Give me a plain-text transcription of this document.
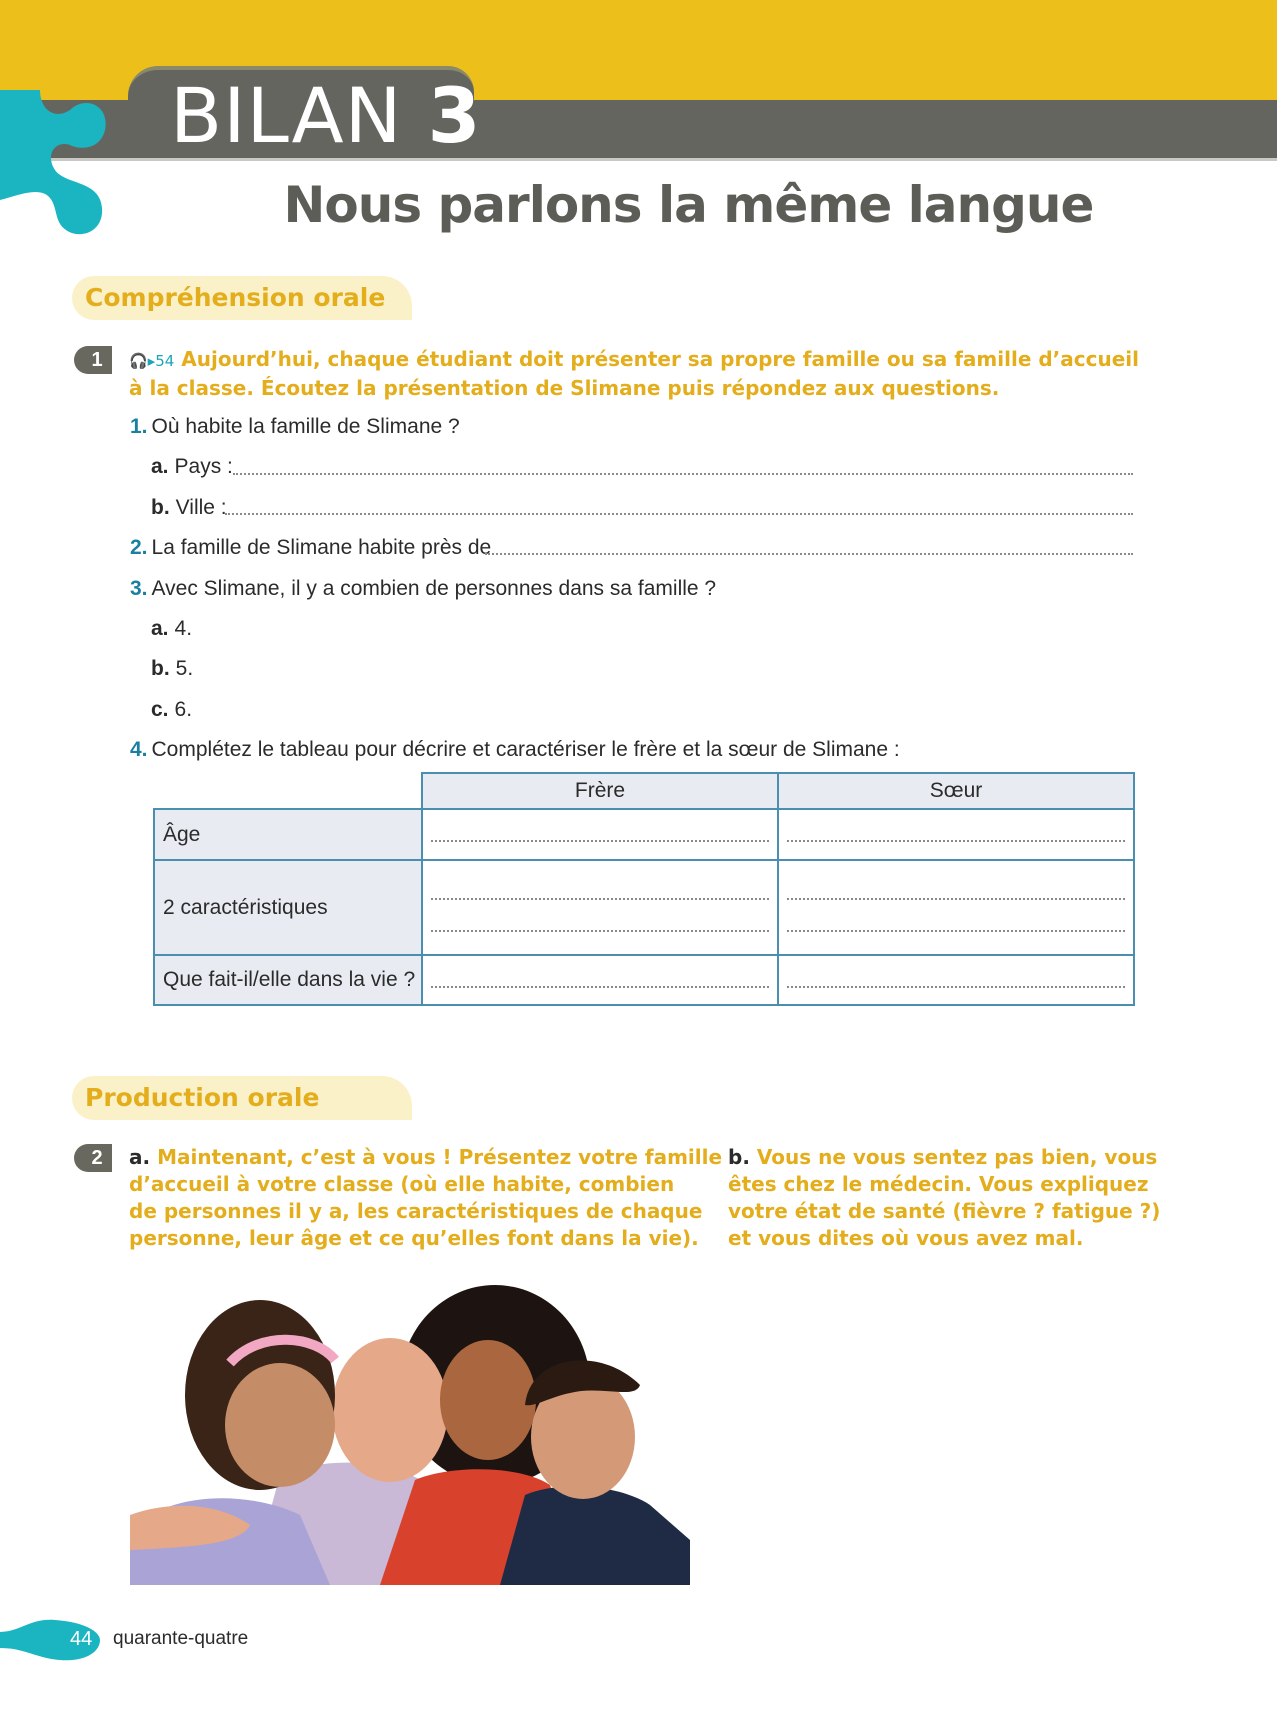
BILAN 3
Nous parlons la même langue
Compréhension orale
1	🎧▸54 Aujourd’hui, chaque étudiant doit présenter sa propre famille ou sa famille d’accueil
à la classe. Écoutez la présentation de Slimane puis répondez aux questions.
1. Où habite la famille de Slimane ?
a. Pays :
b. Ville :
2. La famille de Slimane habite près de
3. Avec Slimane, il y a combien de personnes dans sa famille ?
a. 4.
b. 5.
c. 6.
4. Complétez le tableau pour décrire et caractériser le frère et la sœur de Slimane :
	Frère	Sœur
Âge	

2 caractéristiques	

Que fait-il/elle dans la vie ?	

Production orale
2	a. Maintenant, c’est à vous ! Présentez votre famille
d’accueil à votre classe (où elle habite, combien
de personnes il y a, les caractéristiques de chaque
personne, leur âge et ce qu’elles font dans la vie).
b. Vous ne vous sentez pas bien, vous
êtes chez le médecin. Vous expliquez
votre état de santé (fièvre ? fatigue ?)
et vous dites où vous avez mal.
44 quarante-quatre
